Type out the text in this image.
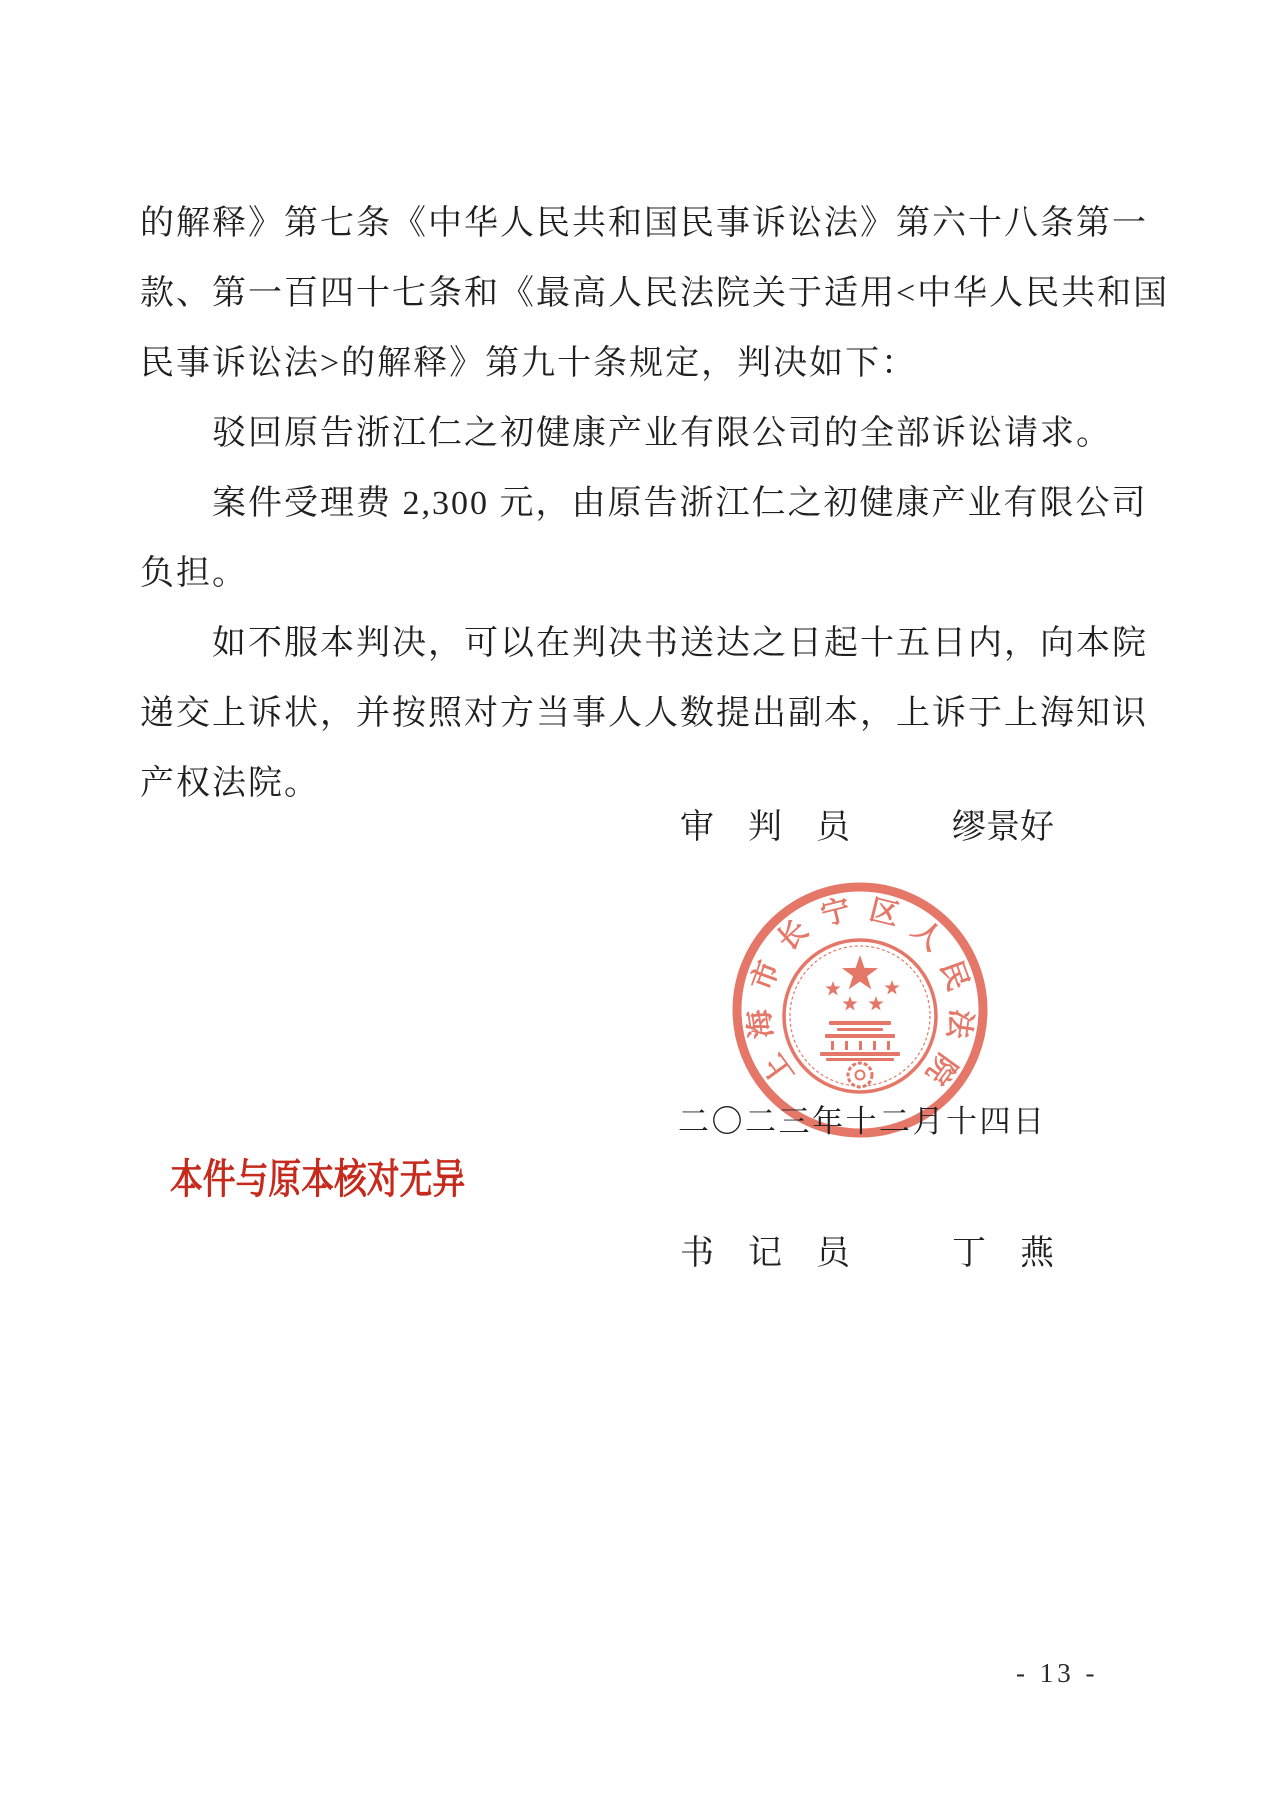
的解释》第七条《中华人民共和国民事诉讼法》第六十八条第一
款、第一百四十七条和《最高人民法院关于适用<中华人民共和国
民事诉讼法>的解释》第九十条规定，判决如下：
驳回原告浙江仁之初健康产业有限公司的全部诉讼请求。
案件受理费 2,300 元，由原告浙江仁之初健康产业有限公司
负担。
如不服本判决，可以在判决书送达之日起十五日内，向本院
递交上诉状，并按照对方当事人人数提出副本，上诉于上海知识
产权法院。
审　判　员	缪景好
上
海
市
长
宁 区
人
民
法
院
二〇二三年十二月十四日
本件与原本核对无异
书　记　员	丁　燕
- 13 -
